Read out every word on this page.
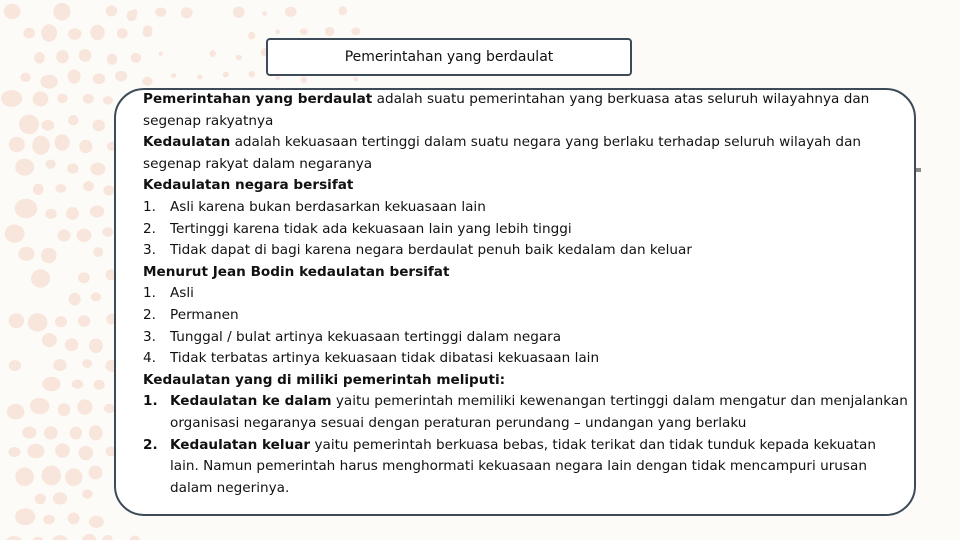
Pemerintahan yang berdaulat

Pemerintahan yang berdaulat adalah suatu pemerintahan yang berkuasa atas seluruh wilayahnya dan segenap rakyatnya

Kedaulatan adalah kekuasaan tertinggi dalam suatu negara yang berlaku terhadap seluruh wilayah dan segenap rakyat dalam negaranya

Kedaulatan negara bersifat

1.	Asli karena bukan berdasarkan kekuasaan lain
2.	Tertinggi karena tidak ada kekuasaan lain yang lebih tinggi
3.	Tidak dapat di bagi karena negara berdaulat penuh baik kedalam dan keluar

Menurut Jean Bodin kedaulatan bersifat

1.	Asli
2.	Permanen
3.	Tunggal / bulat artinya kekuasaan tertinggi dalam negara
4.	Tidak terbatas artinya kekuasaan tidak dibatasi kekuasaan lain

Kedaulatan yang di miliki pemerintah meliputi:

1. Kedaulatan ke dalam yaitu pemerintah memiliki kewenangan tertinggi dalam mengatur dan menjalankan organisasi negaranya sesuai dengan peraturan perundang – undangan yang berlaku
2. Kedaulatan keluar yaitu pemerintah berkuasa bebas, tidak terikat dan tidak tunduk kepada kekuatan lain. Namun pemerintah harus menghormati kekuasaan negara lain dengan tidak mencampuri urusan dalam negerinya.
